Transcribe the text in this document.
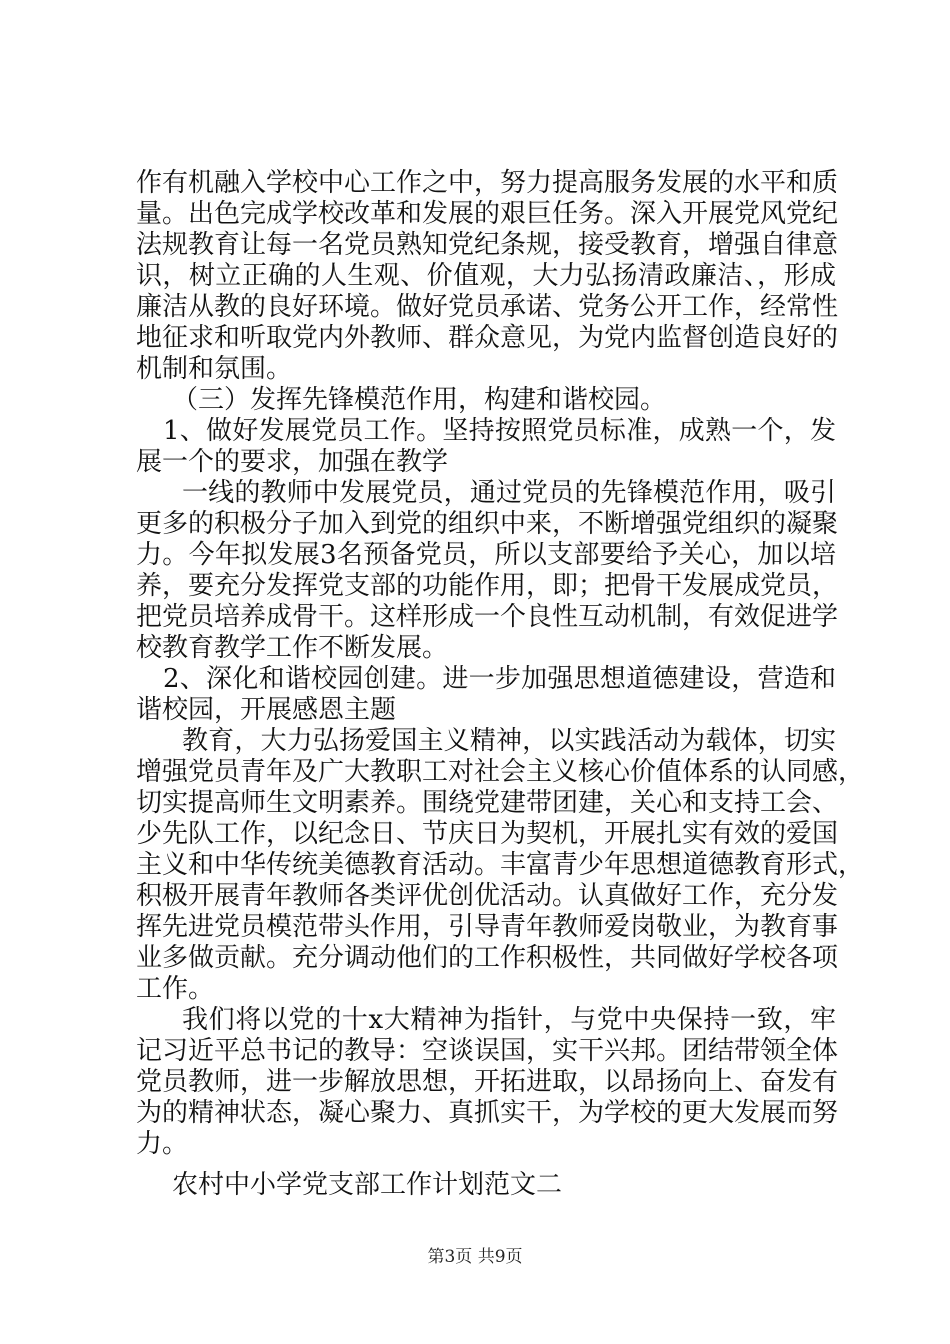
作有机融入学校中心工作之中，努力提高服务发展的水平和质
量。出色完成学校改革和发展的艰巨任务。深入开展党风党纪
法规教育让每一名党员熟知党纪条规，接受教育，增强自律意
识，树立正确的人生观、价值观，大力弘扬清政廉洁、，形成
廉洁从教的良好环境。做好党员承诺、党务公开工作，经常性
地征求和听取党内外教师、群众意见，为党内监督创造良好的
机制和氛围。
（三）发挥先锋模范作用，构建和谐校园。
1、做好发展党员工作。坚持按照党员标准，成熟一个，发
展一个的要求，加强在教学
一线的教师中发展党员，通过党员的先锋模范作用，吸引
更多的积极分子加入到党的组织中来，不断增强党组织的凝聚
力。今年拟发展3名预备党员，所以支部要给予关心，加以培
养，要充分发挥党支部的功能作用，即；把骨干发展成党员，
把党员培养成骨干。这样形成一个良性互动机制，有效促进学
校教育教学工作不断发展。
2、深化和谐校园创建。进一步加强思想道德建设，营造和
谐校园，开展感恩主题
教育，大力弘扬爱国主义精神，以实践活动为载体，切实
增强党员青年及广大教职工对社会主义核心价值体系的认同感，
切实提高师生文明素养。围绕党建带团建，关心和支持工会、
少先队工作，以纪念日、节庆日为契机，开展扎实有效的爱国
主义和中华传统美德教育活动。丰富青少年思想道德教育形式，
积极开展青年教师各类评优创优活动。认真做好工作，充分发
挥先进党员模范带头作用，引导青年教师爱岗敬业，为教育事
业多做贡献。充分调动他们的工作积极性，共同做好学校各项
工作。
我们将以党的十x大精神为指针，与党中央保持一致，牢
记习近平总书记的教导：空谈误国，实干兴邦。团结带领全体
党员教师，进一步解放思想，开拓进取，以昂扬向上、奋发有
为的精神状态，凝心聚力、真抓实干，为学校的更大发展而努
力。
农村中小学党支部工作计划范文二
第3页 共9页
